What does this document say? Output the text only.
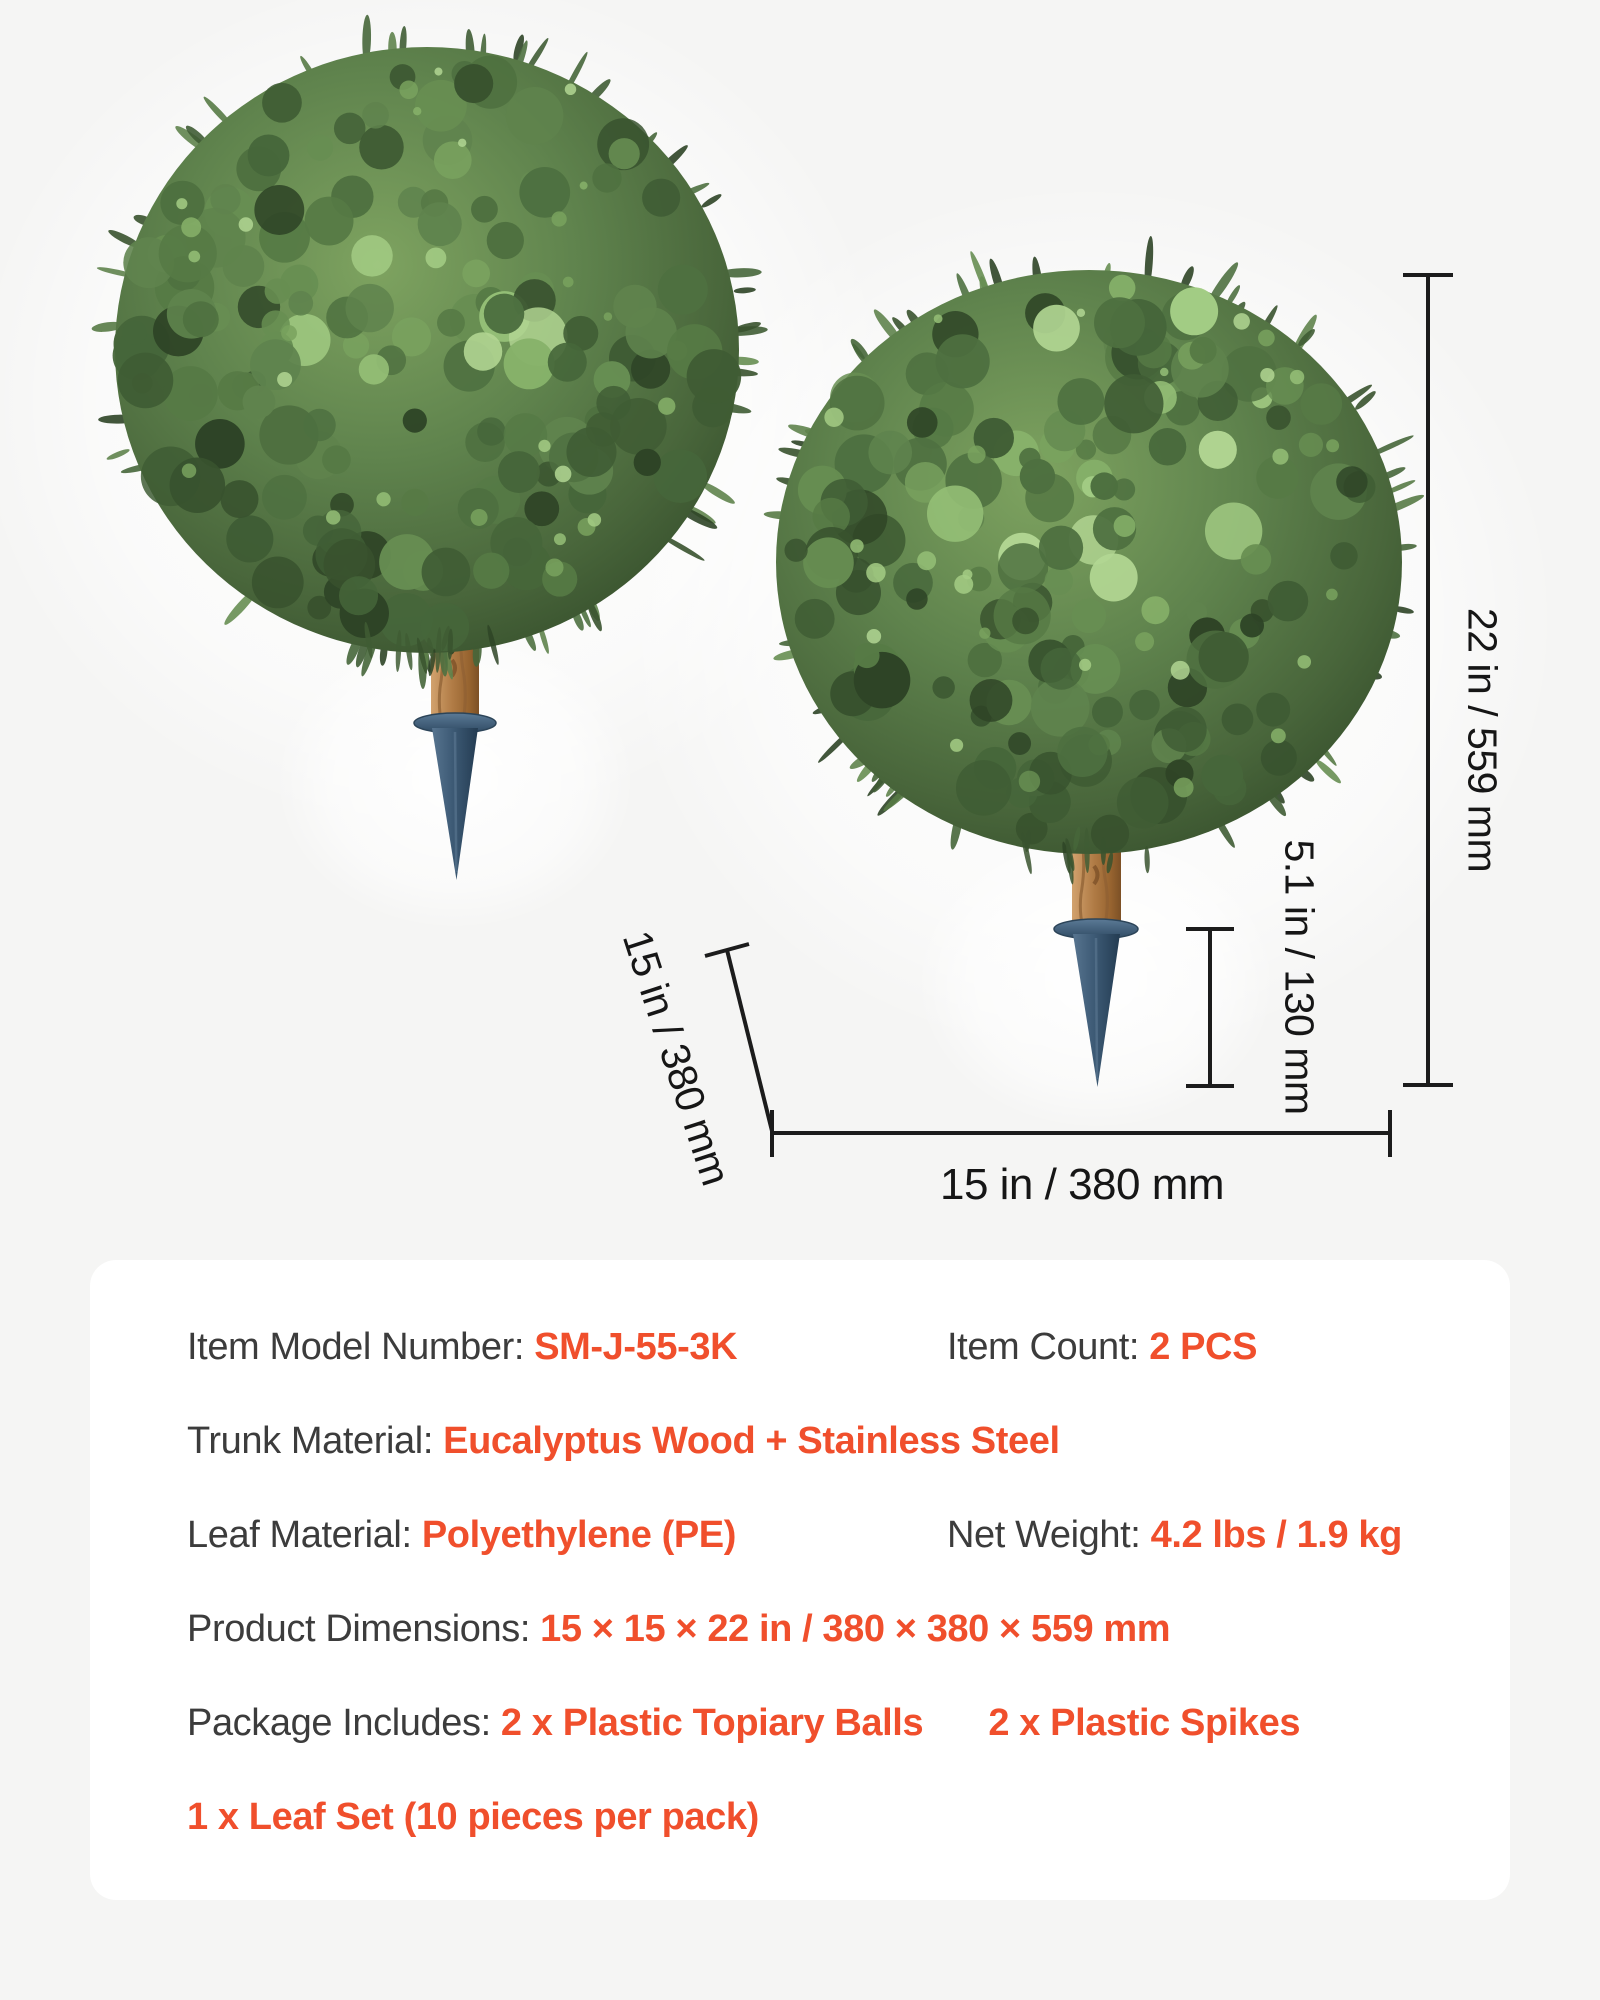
22 in / 559 mm
5.1 in / 130 mm
15 in / 380 mm
15 in / 380 mm
Item Model Number: SM-J-55-3K	Item Count: 2 PCS
Trunk Material: Eucalyptus Wood + Stainless Steel
Leaf Material: Polyethylene (PE)	Net Weight: 4.2 lbs / 1.9 kg
Product Dimensions: 15 × 15 × 22 in / 380 × 380 × 559 mm
Package Includes: 2 x Plastic Topiary Balls 2 x Plastic Spikes
1 x Leaf Set (10 pieces per pack)
